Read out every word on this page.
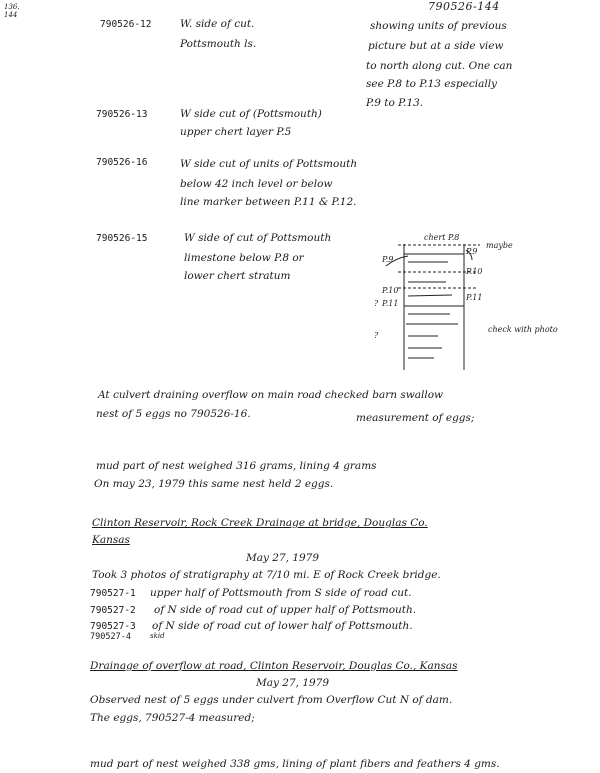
790526-144
136.
144
790526-12	W. side of cut.
Pottsmouth ls.
showing units of previous
picture but at a side view
to north along cut. One can
see P.8 to P.13 especially
P.9 to P.13.
790526-13	W side cut of (Pottsmouth)
upper chert layer P.5
790526-16	W side cut of units of Pottsmouth
below 42 inch level or below
line marker between P.11 & P.12.
790526-15	W side of cut of Pottsmouth
limestone below P.8 or
lower chert stratum
chert P.8
maybe
P.9
P.10
P.11
P.9
P.10
P.11
?
?
check with photo
At culvert draining overflow on main road checked barn swallow
nest of 5 eggs no 790526-16.	measurement of eggs;
mud part of nest weighed 316 grams, lining 4 grams
On may 23, 1979 this same nest held 2 eggs.
Clinton Reservoir, Rock Creek Drainage at bridge, Douglas Co.
Kansas
May 27, 1979
Took 3 photos of stratigraphy at 7/10 mi. E of Rock Creek bridge.
790527-1 upper half of Pottsmouth from S side of road cut.
790527-2 of N side of road cut of upper half of Pottsmouth.
790527-3 of N side of road cut of lower half of Pottsmouth.
790527-4	skid
Drainage of overflow at road, Clinton Reservoir, Douglas Co., Kansas
May 27, 1979
Observed nest of 5 eggs under culvert from Overflow Cut N of dam.
The eggs, 790527-4 measured;
mud part of nest weighed 338 gms, lining of plant fibers and feathers 4 gms.
